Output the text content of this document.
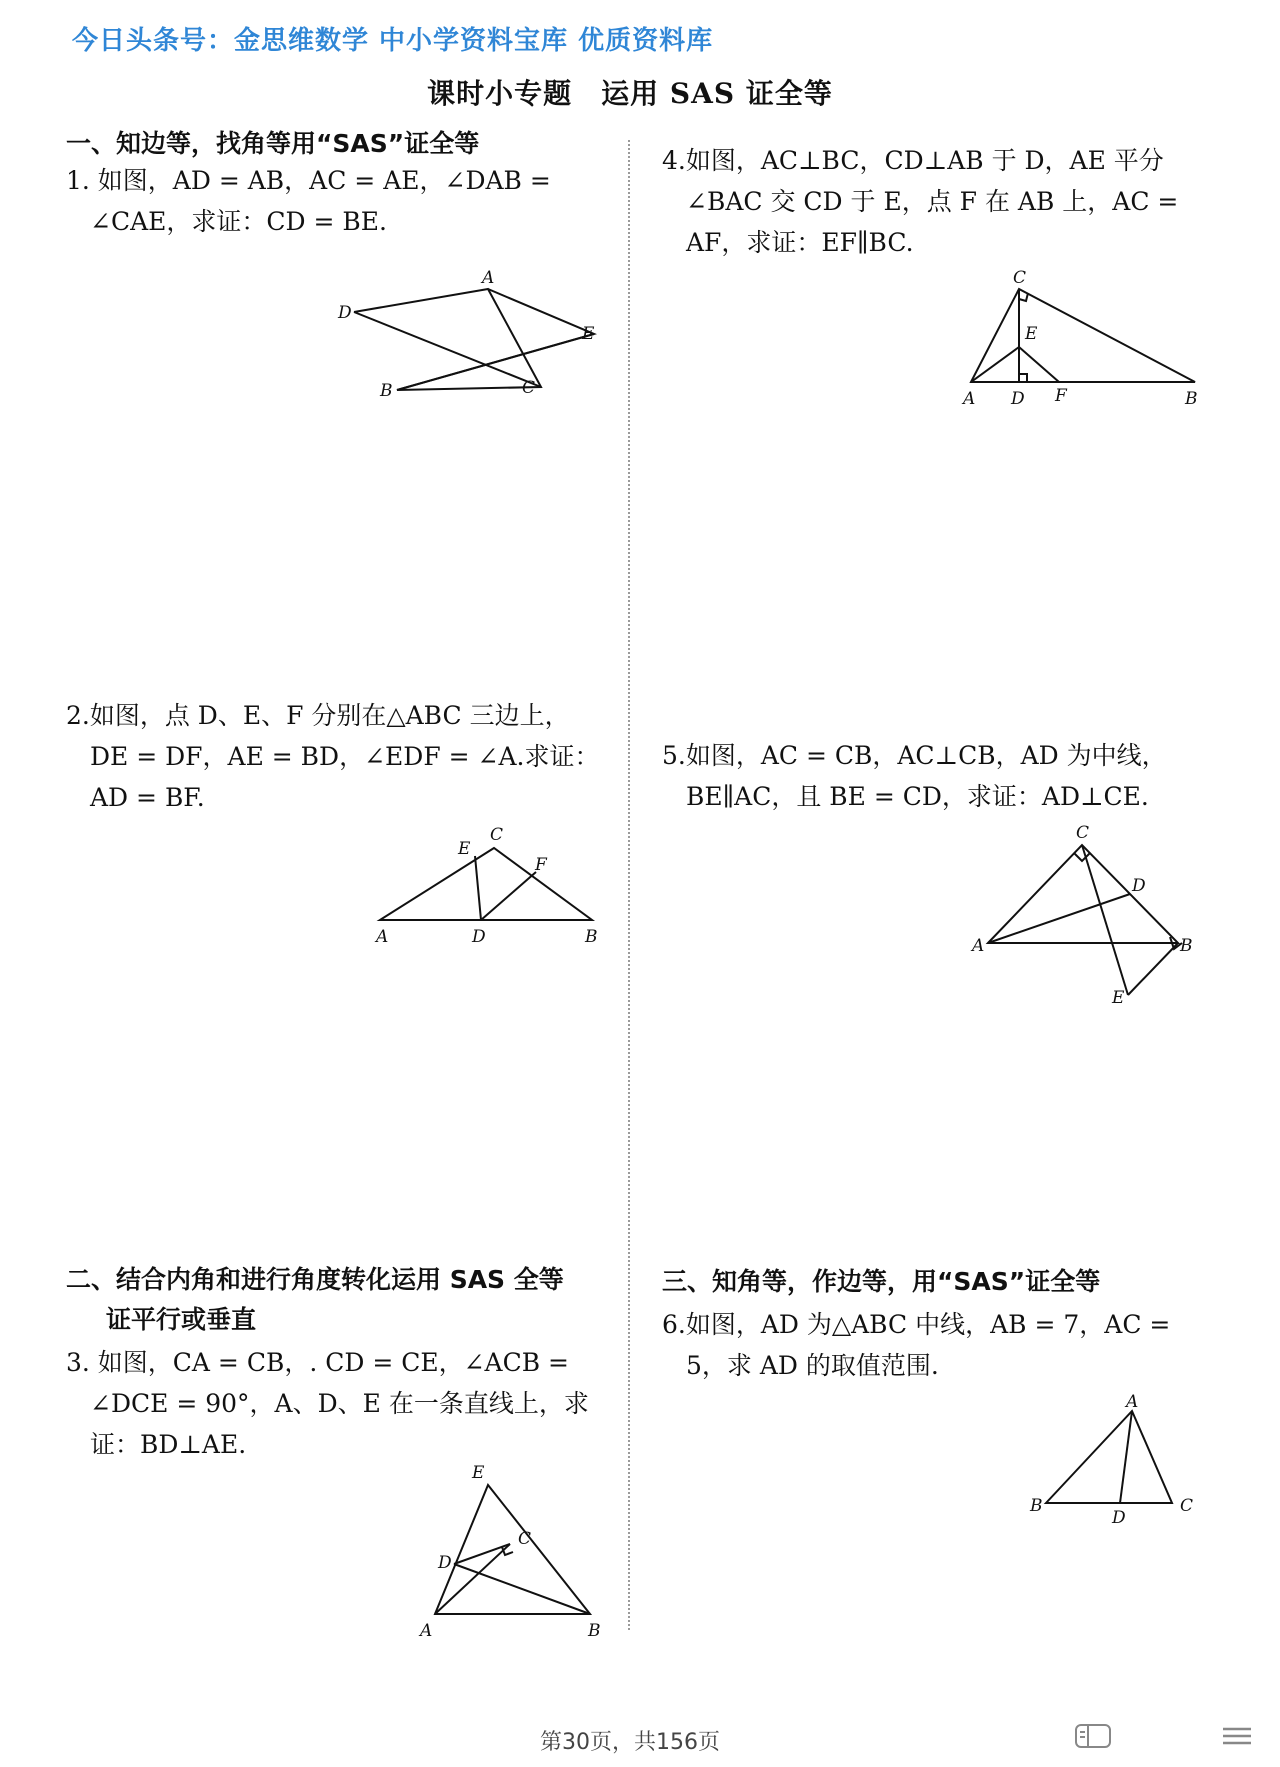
今日头条号：金思维数学 中小学资料宝库 优质资料库
课时小专题　运用 SAS 证全等
一、知边等，找角等用“SAS”证全等
1. 如图，AD = AB，AC = AE，∠DAB =
∠CAE，求证：CD = BE.
A
D
E
B	C
2.如图，点 D、E、F 分别在△ABC 三边上，
DE = DF，AE = BD，∠EDF = ∠A.求证：
AD = BF.
C
E
F
A	D	B
二、结合内角和进行角度转化运用 SAS 全等
证平行或垂直
3. 如图，CA = CB，. CD = CE，∠ACB =
∠DCE = 90°，A、D、E 在一条直线上，求
证：BD⊥AE.
E
C
D
A	B
4.如图，AC⊥BC，CD⊥AB 于 D，AE 平分
∠BAC 交 CD 于 E，点 F 在 AB 上，AC =
AF，求证：EF∥BC.
C
E
A D F	B
5.如图，AC = CB，AC⊥CB，AD 为中线，
BE∥AC，且 BE = CD，求证：AD⊥CE.
C
D
A	B
E
三、知角等，作边等，用“SAS”证全等
6.如图，AD 为△ABC 中线，AB = 7，AC =
5，求 AD 的取值范围.
A
B
D
C
第30页，共156页
